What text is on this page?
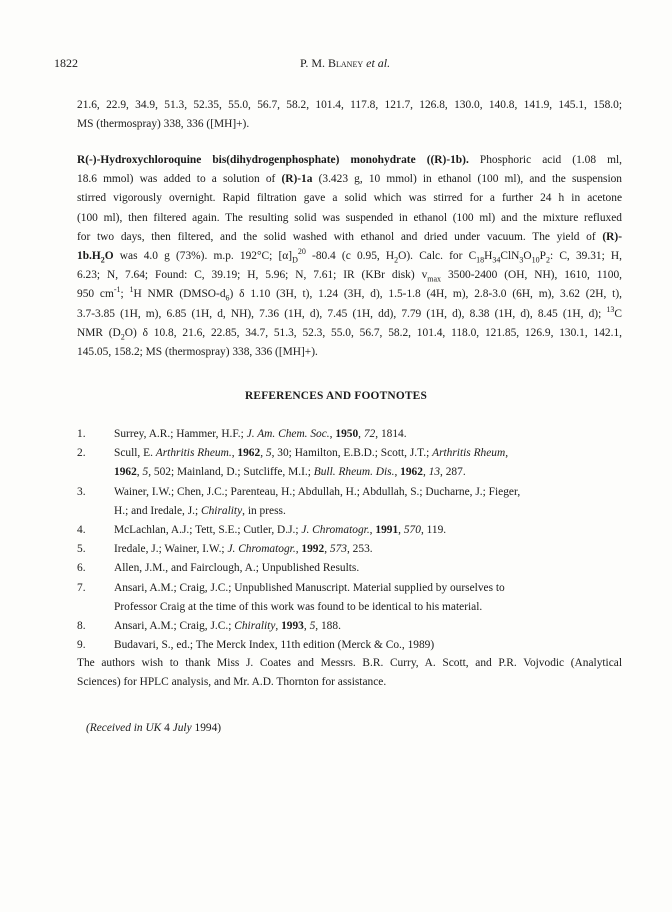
1822	P. M. Blaney et al.
21.6, 22.9, 34.9, 51.3, 52.35, 55.0, 56.7, 58.2, 101.4, 117.8, 121.7, 126.8, 130.0, 140.8, 141.9, 145.1, 158.0;
MS (thermospray) 338, 336 ([MH]+).
R(-)-Hydroxychloroquine bis(dihydrogenphosphate) monohydrate ((R)-1b). Phosphoric acid (1.08 ml,
18.6 mmol) was added to a solution of (R)-1a (3.423 g, 10 mmol) in ethanol (100 ml), and the suspension
stirred vigorously overnight. Rapid filtration gave a solid which was stirred for a further 24 h in acetone
(100 ml), then filtered again. The resulting solid was suspended in ethanol (100 ml) and the mixture refluxed
for two days, then filtered, and the solid washed with ethanol and dried under vacuum. The yield of (R)-
$1b.H_2O$ was 4.0 g (73%). m.p. 192°C; $[\alpha]_D^{20}$ -80.4 (c 0.95, $H_2O$). Calc. for $C_{18}H_{34}ClN_3O_{10}P_2$: C, 39.31; H,
6.23; N, 7.64; Found: C, 39.19; H, 5.96; N, 7.61; IR (KBr disk) $v_{max}$ 3500-2400 (OH, NH), 1610, 1100,
950 $cm^{-1}$; $^1$H NMR $(DMSO-d_6)$ δ 1.10 (3H, t), 1.24 (3H, d), 1.5-1.8 (4H, m), 2.8-3.0 (6H, m), 3.62 (2H, t),
3.7-3.85 (1H, m), 6.85 (1H, d, NH), 7.36 (1H, d), 7.45 (1H, dd), 7.79 (1H, d), 8.38 (1H, d), 8.45 (1H, d); $^{13}$C
NMR $(D_2O)$ δ 10.8, 21.6, 22.85, 34.7, 51.3, 52.3, 55.0, 56.7, 58.2, 101.4, 118.0, 121.85, 126.9, 130.1, 142.1,
145.05, 158.2; MS (thermospray) 338, 336 ([MH]+).
REFERENCES AND FOOTNOTES
1. Surrey, A.R.; Hammer, H.F.; J. Am. Chem. Soc., 1950, 72, 1814.
2. Scull, E. Arthritis Rheum., 1962, 5, 30; Hamilton, E.B.D.; Scott, J.T.; Arthritis Rheum,
1962, 5, 502; Mainland, D.; Sutcliffe, M.I.; Bull. Rheum. Dis., 1962, 13, 287.
3. Wainer, I.W.; Chen, J.C.; Parenteau, H.; Abdullah, H.; Abdullah, S.; Ducharne, J.; Fieger,
H.; and Iredale, J.; Chirality, in press.
4. McLachlan, A.J.; Tett, S.E.; Cutler, D.J.; J. Chromatogr., 1991, 570, 119.
5. Iredale, J.; Wainer, I.W.; J. Chromatogr., 1992, 573, 253.
6. Allen, J.M., and Fairclough, A.; Unpublished Results.
7. Ansari, A.M.; Craig, J.C.; Unpublished Manuscript. Material supplied by ourselves to
Professor Craig at the time of this work was found to be identical to his material.
8. Ansari, A.M.; Craig, J.C.; Chirality, 1993, 5, 188.
9. Budavari, S., ed.; The Merck Index, 11th edition (Merck & Co., 1989)
The authors wish to thank Miss J. Coates and Messrs. B.R. Curry, A. Scott, and P.R. Vojvodic (Analytical
Sciences) for HPLC analysis, and Mr. A.D. Thornton for assistance.
(Received in UK 4 July 1994)
